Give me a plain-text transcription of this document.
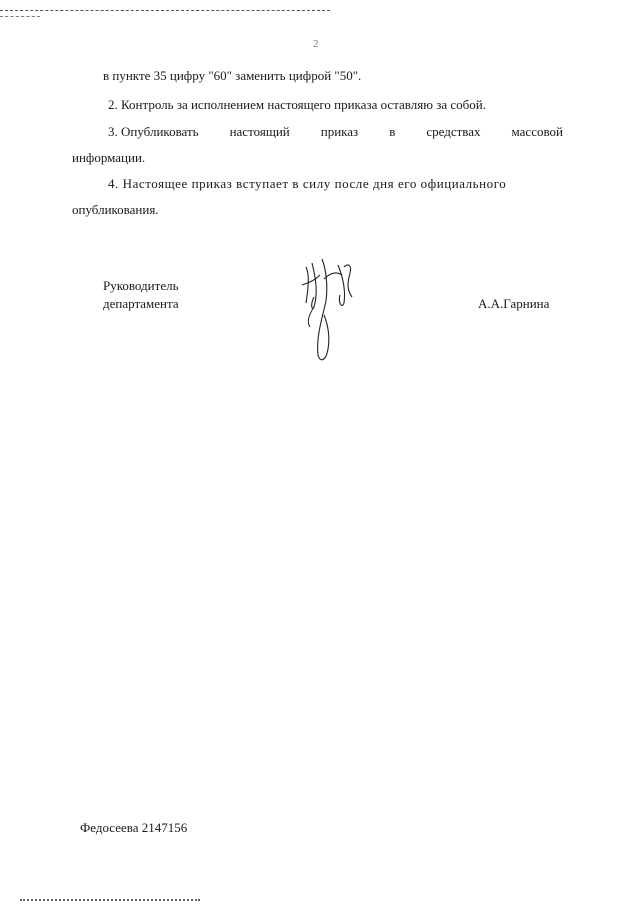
2
в пункте 35 цифру "60" заменить цифрой "50".
2. Контроль за исполнением настоящего приказа оставляю за собой.
3. Опубликовать настоящий приказ в средствах массовой
информации.
4. Настоящее приказ вступает в силу после дня его официального
опубликования.
Руководитель
департамента	А.А.Гарнина
Федосеева 2147156
